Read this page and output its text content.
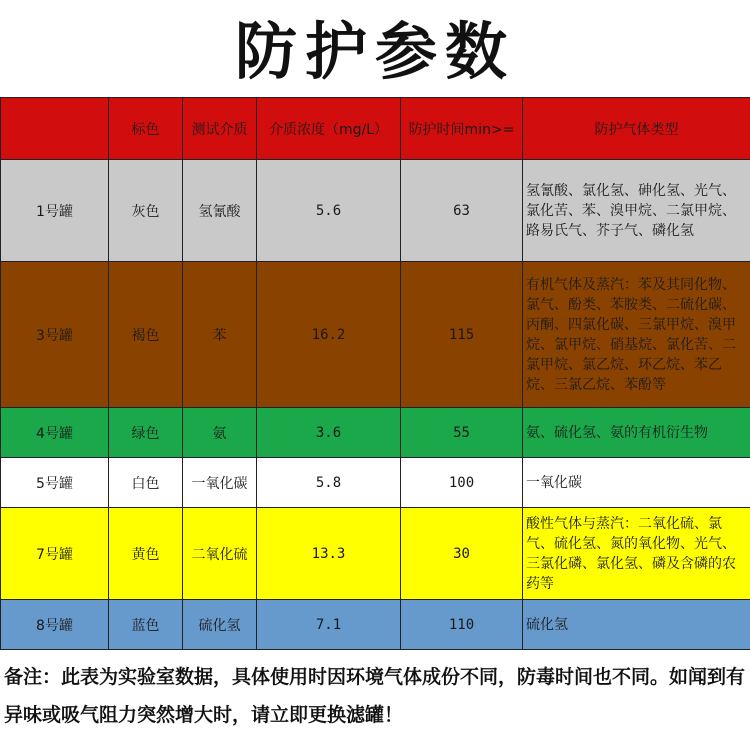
防护参数
	标色	测试介质	介质浓度（mg/L）	防护时间min>=	防护气体类型
1号罐	灰色	氢氰酸	5.6	63	氢氰酸、氯化氢、砷化氢、光气、氯化苦、苯、溴甲烷、二氯甲烷、路易氏气、芥子气、磷化氢
3号罐	褐色	苯	16.2	115	有机气体及蒸汽：苯及其同化物、氯气、酚类、苯胺类、二硫化碳、丙酮、四氯化碳、三氯甲烷、溴甲烷、氯甲烷、硝基烷、氯化苦、二氯甲烷、氯乙烷、环乙烷、苯乙烷、三氯乙烷、苯酚等
4号罐	绿色	氨	3.6	55	氨、硫化氢、氨的有机衍生物
5号罐	白色	一氧化碳	5.8	100	一氧化碳
7号罐	黄色	二氧化硫	13.3	30	酸性气体与蒸汽：二氧化硫、氯气、硫化氢、氮的氧化物、光气、三氯化磷、氯化氢、磷及含磷的农药等
8号罐	蓝色	硫化氢	7.1	110	硫化氢
备注：此表为实验室数据，具体使用时因环境气体成份不同，防毒时间也不同。如闻到有异味或吸气阻力突然增大时，请立即更换滤罐！
